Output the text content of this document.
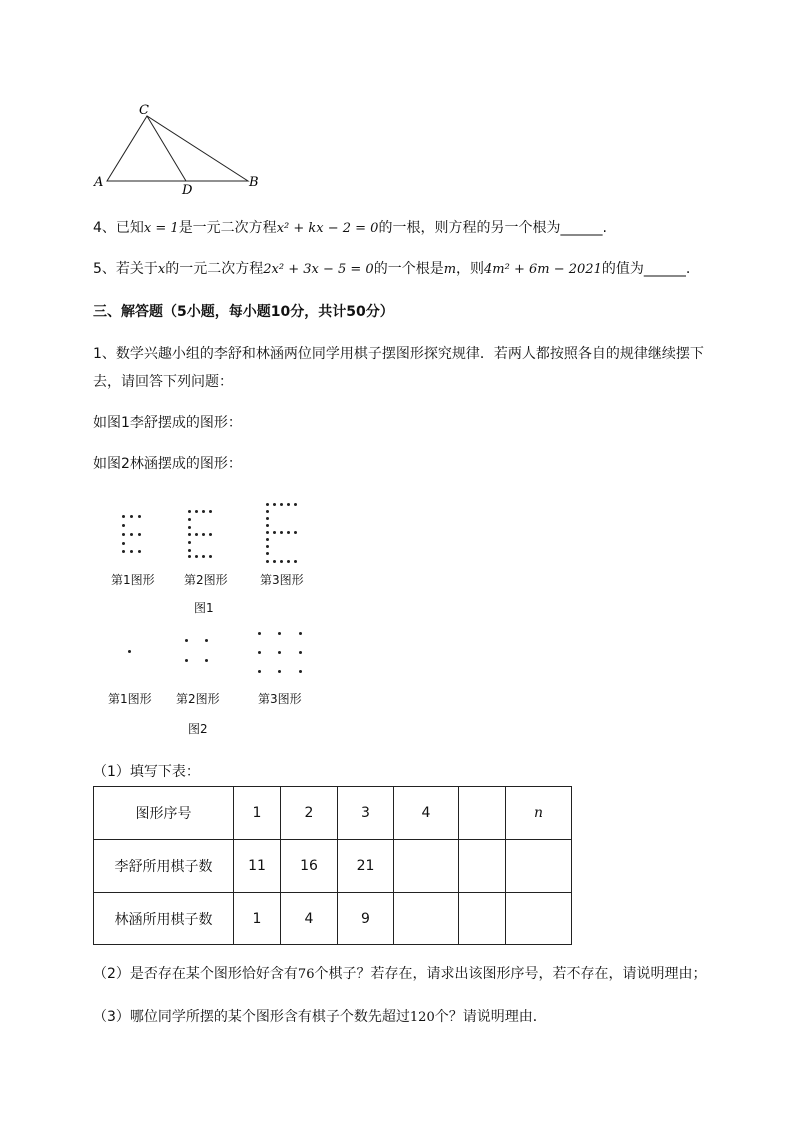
C
A
D
B
4、已知x = 1是一元二次方程x² + kx − 2 = 0的一根，则方程的另一个根为______.
5、若关于x的一元二次方程2x² + 3x − 5 = 0的一个根是m，则4m² + 6m − 2021的值为______.
三、解答题（5小题，每小题10分，共计50分）
1、数学兴趣小组的李舒和林涵两位同学用棋子摆图形探究规律．若两人都按照各自的规律继续摆下
去，请回答下列问题：
如图1李舒摆成的图形：
如图2林涵摆成的图形：
第1图形 第2图形	第3图形
图1
第1图形 第2图形	第3图形
图2
（1）填写下表：
图形序号	1	2	3	4		n
李舒所用棋子数	11	16	21			
林涵所用棋子数	1	4	9			
（2）是否存在某个图形恰好含有76个棋子？若存在，请求出该图形序号，若不存在，请说明理由；
（3）哪位同学所摆的某个图形含有棋子个数先超过120个？请说明理由．
